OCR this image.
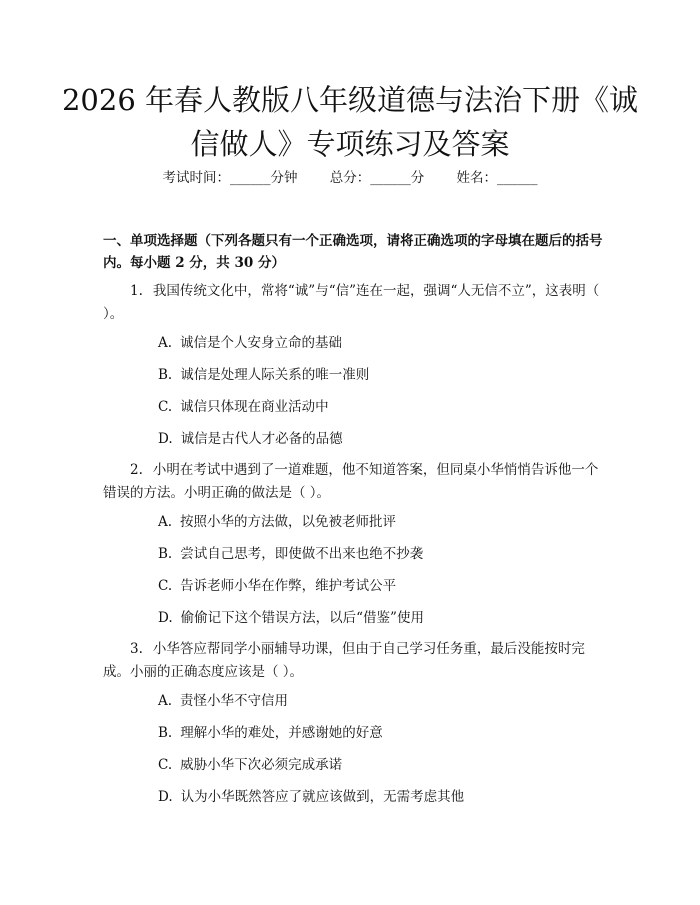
2026 年春人教版八年级道德与法治下册《诚
信做人》专项练习及答案
考试时间：______分钟 总分：______分 姓名：______
一、单项选择题（下列各题只有一个正确选项，请将正确选项的字母填在题后的括号内。每小题 2 分，共 30 分）
1. 我国传统文化中，常将“诚”与“信”连在一起，强调“人无信不立”，这表明（ ）。
A. 诚信是个人安身立命的基础
B. 诚信是处理人际关系的唯一准则
C. 诚信只体现在商业活动中
D. 诚信是古代人才必备的品德
2. 小明在考试中遇到了一道难题，他不知道答案，但同桌小华悄悄告诉他一个错误的方法。小明正确的做法是（ ）。
A. 按照小华的方法做，以免被老师批评
B. 尝试自己思考，即使做不出来也绝不抄袭
C. 告诉老师小华在作弊，维护考试公平
D. 偷偷记下这个错误方法，以后“借鉴”使用
3. 小华答应帮同学小丽辅导功课，但由于自己学习任务重，最后没能按时完成。小丽的正确态度应该是（ ）。
A. 责怪小华不守信用
B. 理解小华的难处，并感谢她的好意
C. 威胁小华下次必须完成承诺
D. 认为小华既然答应了就应该做到，无需考虑其他
